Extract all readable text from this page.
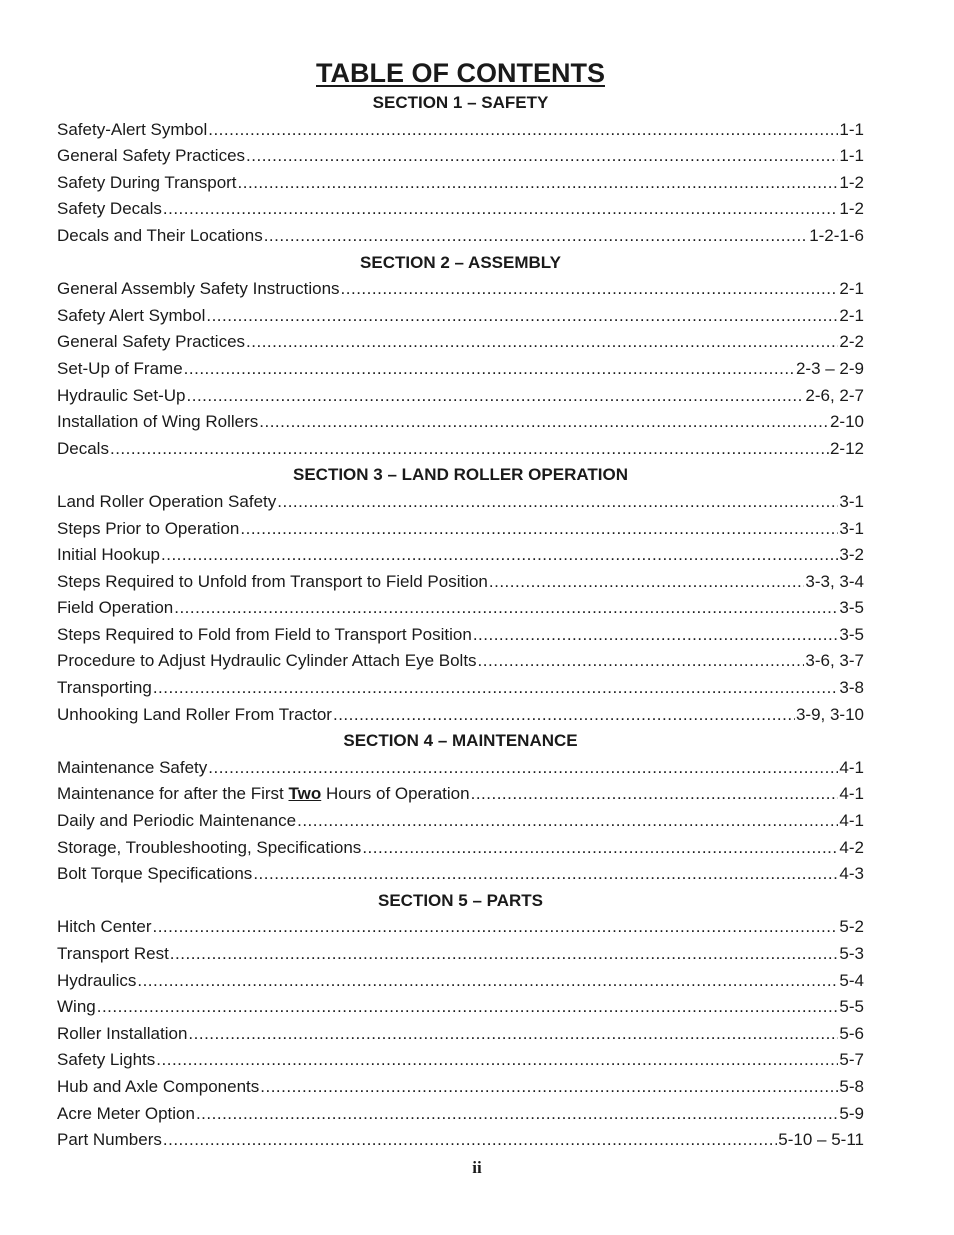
TABLE OF CONTENTS
SECTION 1 – SAFETY
Safety-Alert Symbol .....	1-1
General Safety Practices .....	1-1
Safety During Transport .....	1-2
Safety Decals .....	1-2
Decals and Their Locations .....	1-2-1-6
SECTION 2 – ASSEMBLY
General Assembly Safety Instructions .....	2-1
Safety Alert Symbol .....	2-1
General Safety Practices .....	2-2
Set-Up of Frame .....	2-3 – 2-9
Hydraulic Set-Up .....	2-6, 2-7
Installation of Wing Rollers .....	2-10
Decals .....	2-12
SECTION 3 – LAND ROLLER OPERATION
Land Roller Operation Safety .....	3-1
Steps Prior to Operation .....	3-1
Initial Hookup .....	3-2
Steps Required to Unfold from Transport to Field Position .....	3-3, 3-4
Field Operation .....	3-5
Steps Required to Fold from Field to Transport Position .....	3-5
Procedure to Adjust Hydraulic Cylinder Attach Eye Bolts .....	3-6, 3-7
Transporting .....	3-8
Unhooking Land Roller From Tractor .....	3-9, 3-10
SECTION 4 – MAINTENANCE
Maintenance Safety .....	4-1
Maintenance for after the First Two Hours of Operation .....	4-1
Daily and Periodic Maintenance .....	4-1
Storage, Troubleshooting, Specifications .....	4-2
Bolt Torque Specifications .....	4-3
SECTION 5 – PARTS
Hitch Center .....	5-2
Transport Rest .....	5-3
Hydraulics .....	5-4
Wing .....	5-5
Roller Installation .....	5-6
Safety Lights .....	5-7
Hub and Axle Components .....	5-8
Acre Meter Option .....	5-9
Part Numbers .....	5-10 – 5-11
ii
